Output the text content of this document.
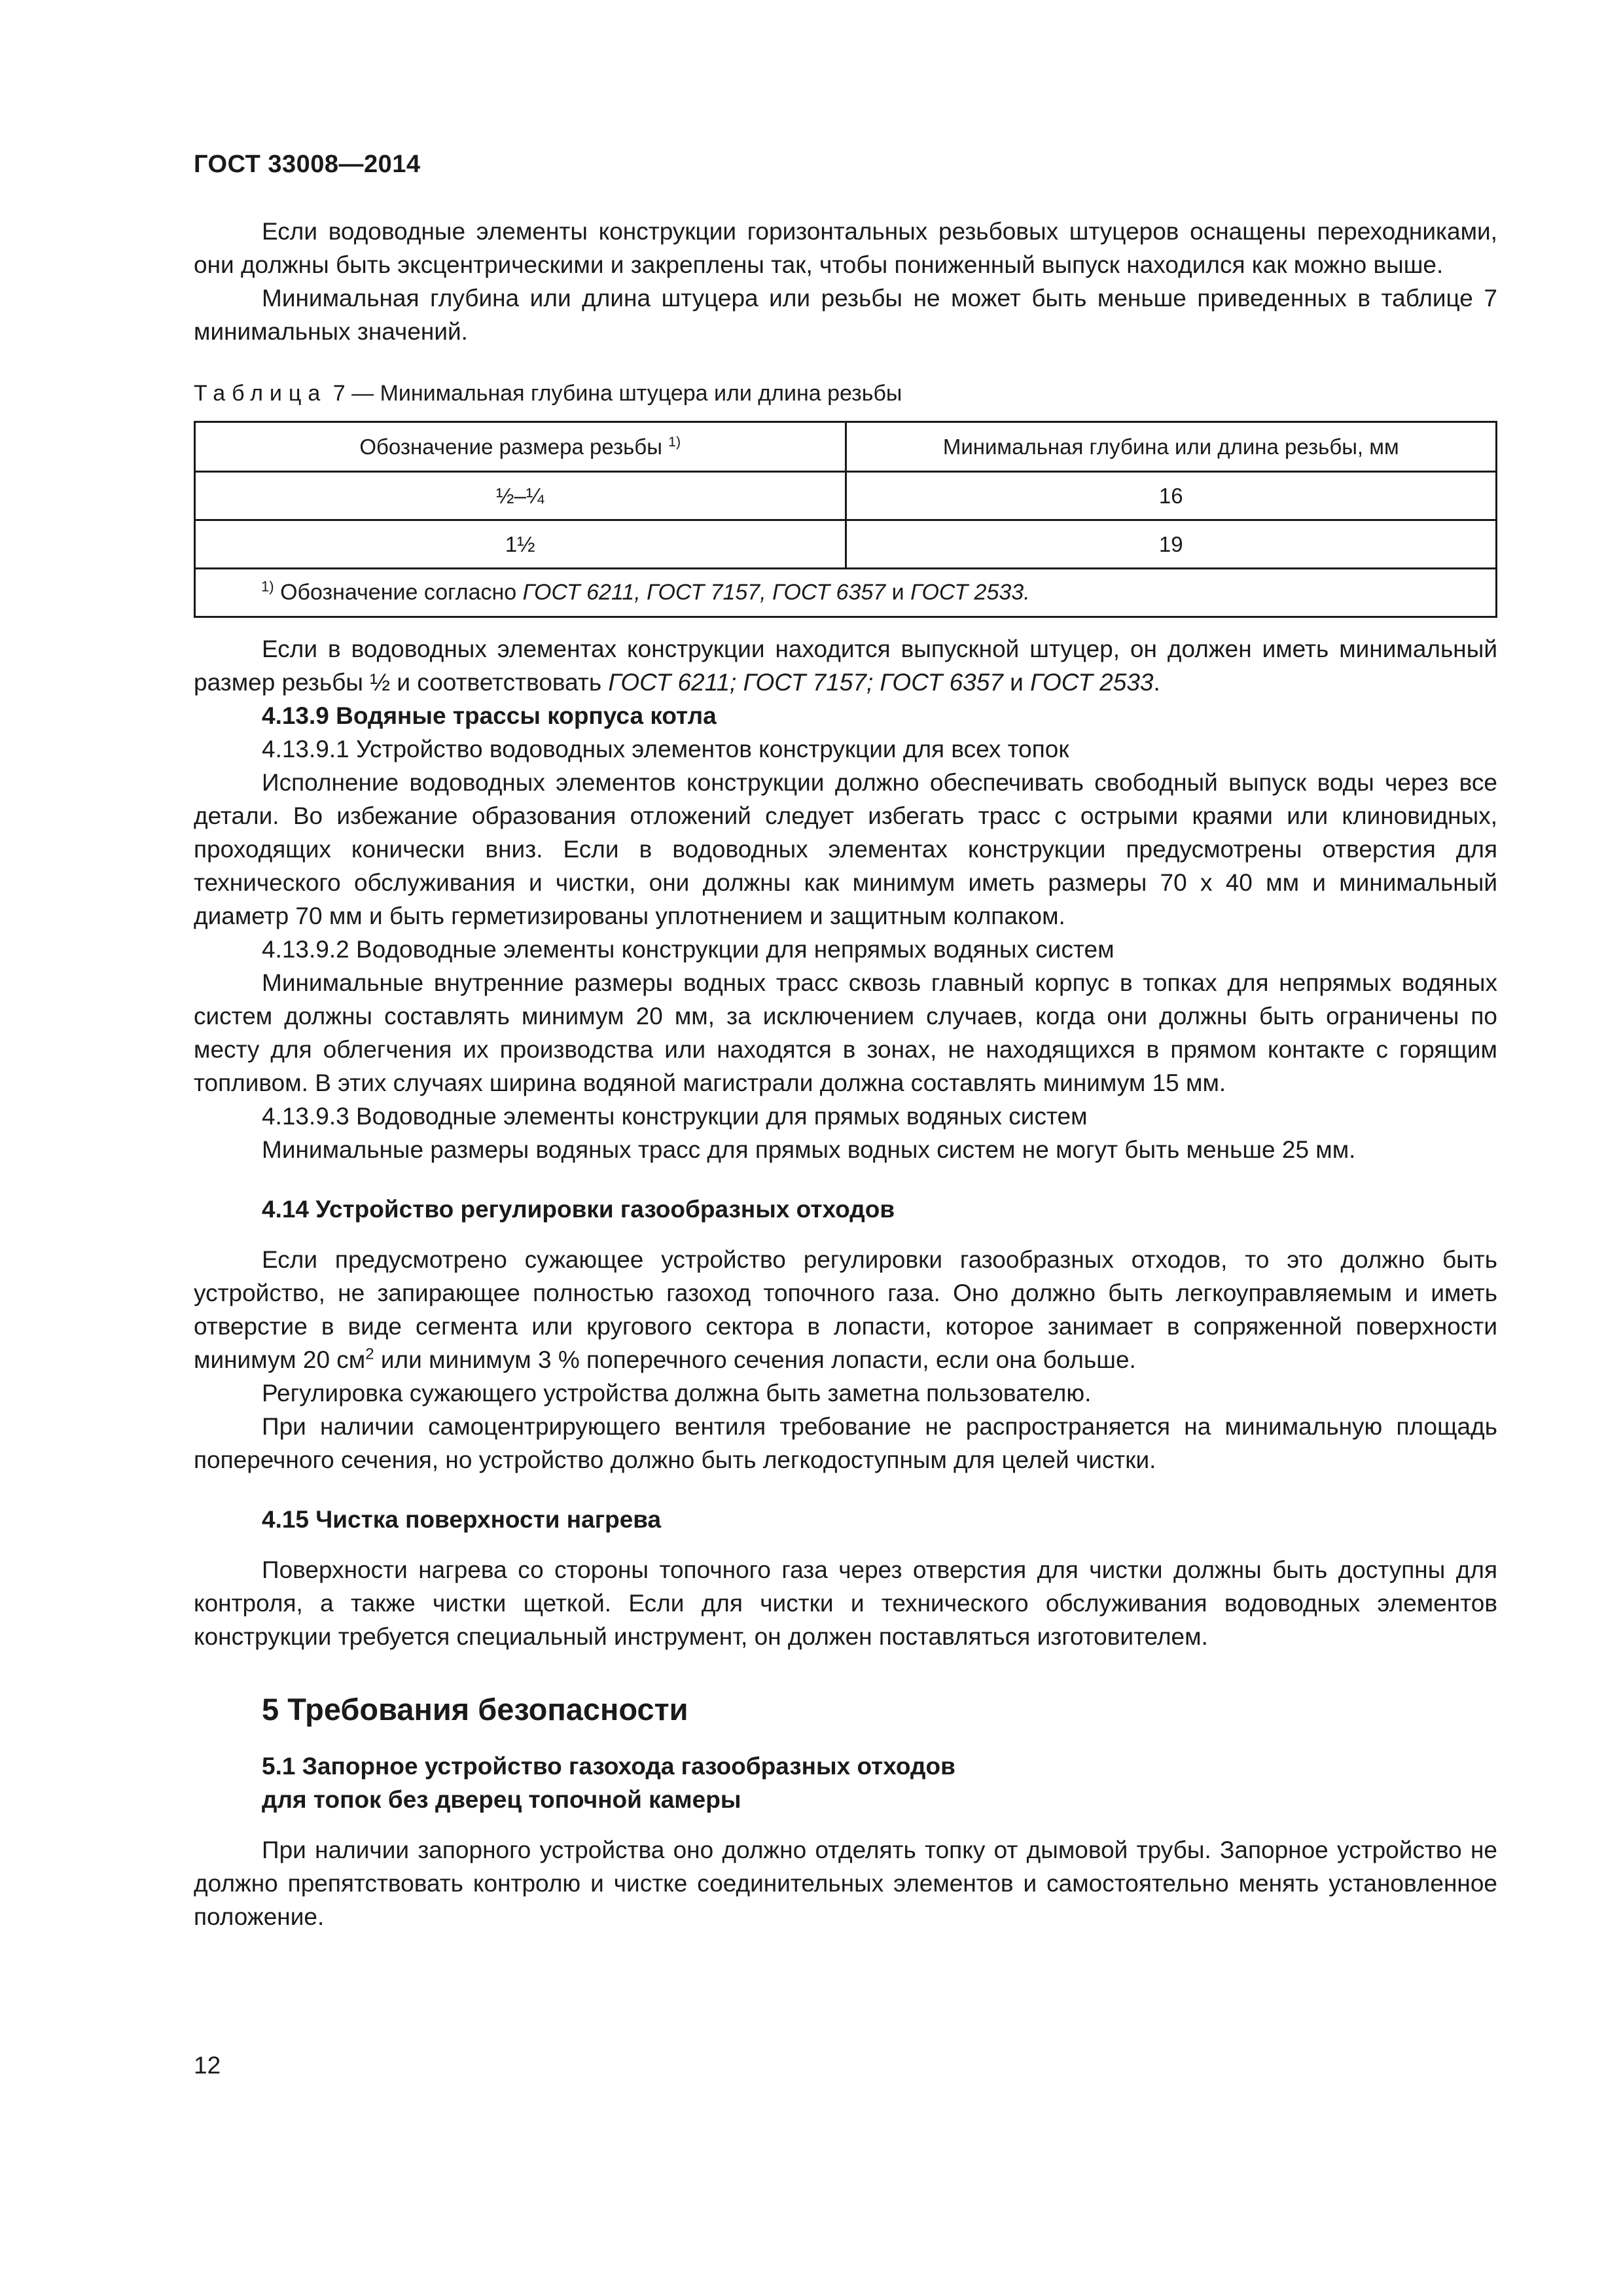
ГОСТ 33008—2014

Если водоводные элементы конструкции горизонтальных резьбовых штуцеров оснащены переходниками, они должны быть эксцентрическими и закреплены так, чтобы пониженный выпуск находился как можно выше.

Минимальная глубина или длина штуцера или резьбы не может быть меньше приведенных в таблице 7 минимальных значений.

Таблица 7 — Минимальная глубина штуцера или длина резьбы

Обозначение размера резьбы $^{1)}$	Минимальная глубина или длина резьбы, мм
½–¼	16
1½	19
$^{1)}$ Обозначение согласно ГОСТ 6211, ГОСТ 7157, ГОСТ 6357 и ГОСТ 2533.	

Если в водоводных элементах конструкции находится выпускной штуцер, он должен иметь минимальный размер резьбы ½ и соответствовать ГОСТ 6211; ГОСТ 7157; ГОСТ 6357 и ГОСТ 2533.

4.13.9 Водяные трассы корпуса котла

4.13.9.1 Устройство водоводных элементов конструкции для всех топок

Исполнение водоводных элементов конструкции должно обеспечивать свободный выпуск воды через все детали. Во избежание образования отложений следует избегать трасс с острыми краями или клиновидных, проходящих конически вниз. Если в водоводных элементах конструкции предусмотрены отверстия для технического обслуживания и чистки, они должны как минимум иметь размеры 70 х 40 мм и минимальный диаметр 70 мм и быть герметизированы уплотнением и защитным колпаком.

4.13.9.2 Водоводные элементы конструкции для непрямых водяных систем

Минимальные внутренние размеры водных трасс сквозь главный корпус в топках для непрямых водяных систем должны составлять минимум 20 мм, за исключением случаев, когда они должны быть ограничены по месту для облегчения их производства или находятся в зонах, не находящихся в прямом контакте с горящим топливом. В этих случаях ширина водяной магистрали должна составлять минимум 15 мм.

4.13.9.3 Водоводные элементы конструкции для прямых водяных систем

Минимальные размеры водяных трасс для прямых водных систем не могут быть меньше 25 мм.

4.14 Устройство регулировки газообразных отходов

Если предусмотрено сужающее устройство регулировки газообразных отходов, то это должно быть устройство, не запирающее полностью газоход топочного газа. Оно должно быть легкоуправляемым и иметь отверстие в виде сегмента или кругового сектора в лопасти, которое занимает в сопряженной поверхности минимум 20 $см^2$ или минимум 3 % поперечного сечения лопасти, если она больше.

Регулировка сужающего устройства должна быть заметна пользователю.

При наличии самоцентрирующего вентиля требование не распространяется на минимальную площадь поперечного сечения, но устройство должно быть легкодоступным для целей чистки.

4.15 Чистка поверхности нагрева

Поверхности нагрева со стороны топочного газа через отверстия для чистки должны быть доступны для контроля, а также чистки щеткой. Если для чистки и технического обслуживания водоводных элементов конструкции требуется специальный инструмент, он должен поставляться изготовителем.

5 Требования безопасности

5.1 Запорное устройство газохода газообразных отходов

для топок без дверец топочной камеры

При наличии запорного устройства оно должно отделять топку от дымовой трубы. Запорное устройство не должно препятствовать контролю и чистке соединительных элементов и самостоятельно менять установленное положение.

12
